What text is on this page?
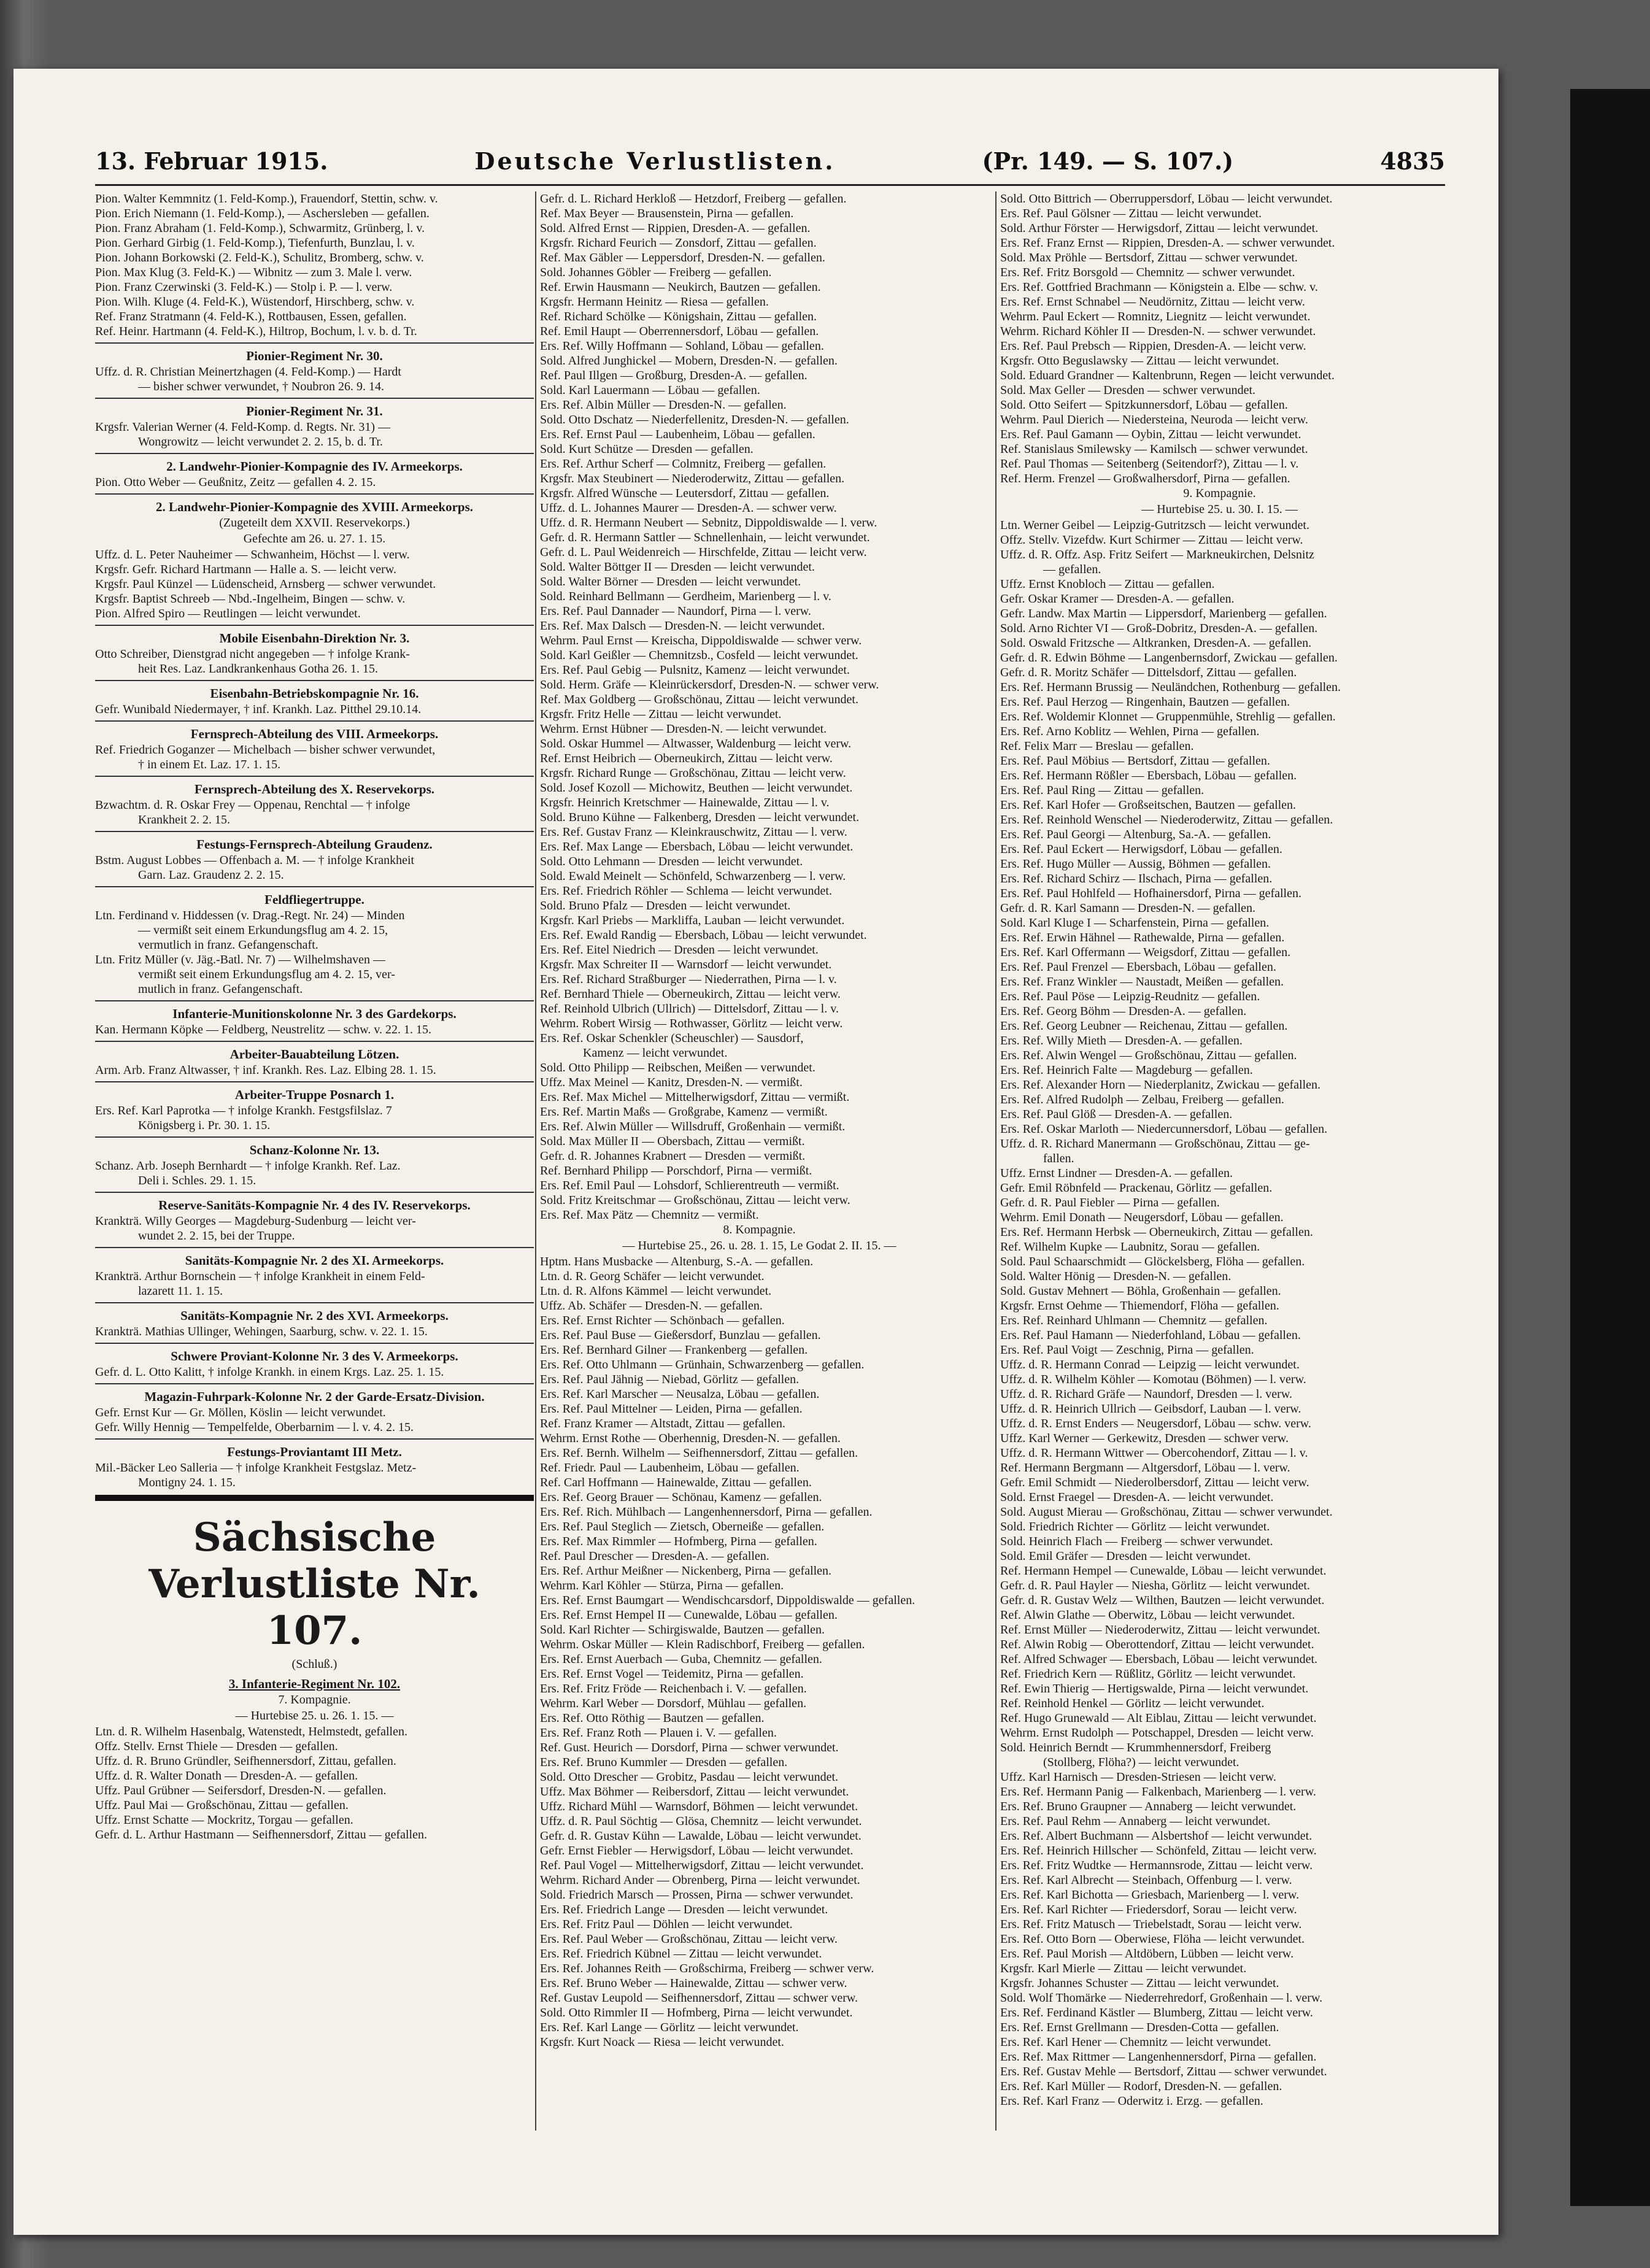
13. Februar 1915.	Deutsche Verlustlisten.	(Pr. 149. — S. 107.)	4835
Pion. Walter Kemmnitz (1. Feld-Komp.), Frauendorf, Stettin, schw. v.
Pion. Erich Niemann (1. Feld-Komp.), — Aschersleben — gefallen.
Pion. Franz Abraham (1. Feld-Komp.), Schwarmitz, Grünberg, l. v.
Pion. Gerhard Girbig (1. Feld-Komp.), Tiefenfurth, Bunzlau, l. v.
Pion. Johann Borkowski (2. Feld-K.), Schulitz, Bromberg, schw. v.
Pion. Max Klug (3. Feld-K.) — Wibnitz — zum 3. Male l. verw.
Pion. Franz Czerwinski (3. Feld-K.) — Stolp i. P. — l. verw.
Pion. Wilh. Kluge (4. Feld-K.), Wüstendorf, Hirschberg, schw. v.
Ref. Franz Stratmann (4. Feld-K.), Rottbausen, Essen, gefallen.
Ref. Heinr. Hartmann (4. Feld-K.), Hiltrop, Bochum, l. v. b. d. Tr.
Pionier-Regiment Nr. 30.
Uffz. d. R. Christian Meinertzhagen (4. Feld-Komp.) — Hardt
— bisher schwer verwundet, † Noubron 26. 9. 14.
Pionier-Regiment Nr. 31.
Krgsfr. Valerian Werner (4. Feld-Komp. d. Regts. Nr. 31) —
Wongrowitz — leicht verwundet 2. 2. 15, b. d. Tr.
2. Landwehr-Pionier-Kompagnie des IV. Armeekorps.
Pion. Otto Weber — Geußnitz, Zeitz — gefallen 4. 2. 15.
2. Landwehr-Pionier-Kompagnie des XVIII. Armeekorps.
(Zugeteilt dem XXVII. Reservekorps.)
Gefechte am 26. u. 27. 1. 15.
Uffz. d. L. Peter Nauheimer — Schwanheim, Höchst — l. verw.
Krgsfr. Gefr. Richard Hartmann — Halle a. S. — leicht verw.
Krgsfr. Paul Künzel — Lüdenscheid, Arnsberg — schwer verwundet.
Krgsfr. Baptist Schreeb — Nbd.-Ingelheim, Bingen — schw. v.
Pion. Alfred Spiro — Reutlingen — leicht verwundet.
Mobile Eisenbahn-Direktion Nr. 3.
Otto Schreiber, Dienstgrad nicht angegeben — † infolge Krank-
heit Res. Laz. Landkrankenhaus Gotha 26. 1. 15.
Eisenbahn-Betriebskompagnie Nr. 16.
Gefr. Wunibald Niedermayer, † inf. Krankh. Laz. Pitthel 29.10.14.
Fernsprech-Abteilung des VIII. Armeekorps.
Ref. Friedrich Goganzer — Michelbach — bisher schwer verwundet,
† in einem Et. Laz. 17. 1. 15.
Fernsprech-Abteilung des X. Reservekorps.
Bzwachtm. d. R. Oskar Frey — Oppenau, Renchtal — † infolge
Krankheit 2. 2. 15.
Festungs-Fernsprech-Abteilung Graudenz.
Bstm. August Lobbes — Offenbach a. M. — † infolge Krankheit
Garn. Laz. Graudenz 2. 2. 15.
Feldfliegertruppe.
Ltn. Ferdinand v. Hiddessen (v. Drag.-Regt. Nr. 24) — Minden
— vermißt seit einem Erkundungsflug am 4. 2. 15,
vermutlich in franz. Gefangenschaft.
Ltn. Fritz Müller (v. Jäg.-Batl. Nr. 7) — Wilhelmshaven —
vermißt seit einem Erkundungsflug am 4. 2. 15, ver-
mutlich in franz. Gefangenschaft.
Infanterie-Munitionskolonne Nr. 3 des Gardekorps.
Kan. Hermann Köpke — Feldberg, Neustrelitz — schw. v. 22. 1. 15.
Arbeiter-Bauabteilung Lötzen.
Arm. Arb. Franz Altwasser, † inf. Krankh. Res. Laz. Elbing 28. 1. 15.
Arbeiter-Truppe Posnarch 1.
Ers. Ref. Karl Paprotka — † infolge Krankh. Festgsfilslaz. 7
Königsberg i. Pr. 30. 1. 15.
Schanz-Kolonne Nr. 13.
Schanz. Arb. Joseph Bernhardt — † infolge Krankh. Ref. Laz.
Deli i. Schles. 29. 1. 15.
Reserve-Sanitäts-Kompagnie Nr. 4 des IV. Reservekorps.
Krankträ. Willy Georges — Magdeburg-Sudenburg — leicht ver-
wundet 2. 2. 15, bei der Truppe.
Sanitäts-Kompagnie Nr. 2 des XI. Armeekorps.
Krankträ. Arthur Bornschein — † infolge Krankheit in einem Feld-
lazarett 11. 1. 15.
Sanitäts-Kompagnie Nr. 2 des XVI. Armeekorps.
Krankträ. Mathias Ullinger, Wehingen, Saarburg, schw. v. 22. 1. 15.
Schwere Proviant-Kolonne Nr. 3 des V. Armeekorps.
Gefr. d. L. Otto Kalitt, † infolge Krankh. in einem Krgs. Laz. 25. 1. 15.
Magazin-Fuhrpark-Kolonne Nr. 2 der Garde-Ersatz-Division.
Gefr. Ernst Kur — Gr. Möllen, Köslin — leicht verwundet.
Gefr. Willy Hennig — Tempelfelde, Oberbarnim — l. v. 4. 2. 15.
Festungs-Proviantamt III Metz.
Mil.-Bäcker Leo Salleria — † infolge Krankheit Festgslaz. Metz-
Montigny 24. 1. 15.
Sächsische Verlustliste Nr. 107.
(Schluß.)
3. Infanterie-Regiment Nr. 102.
7. Kompagnie.
— Hurtebise 25. u. 26. 1. 15. —
Ltn. d. R. Wilhelm Hasenbalg, Watenstedt, Helmstedt, gefallen.
Offz. Stellv. Ernst Thiele — Dresden — gefallen.
Uffz. d. R. Bruno Gründler, Seifhennersdorf, Zittau, gefallen.
Uffz. d. R. Walter Donath — Dresden-A. — gefallen.
Uffz. Paul Grübner — Seifersdorf, Dresden-N. — gefallen.
Uffz. Paul Mai — Großschönau, Zittau — gefallen.
Uffz. Ernst Schatte — Mockritz, Torgau — gefallen.
Gefr. d. L. Arthur Hastmann — Seifhennersdorf, Zittau — gefallen.
Gefr. d. L. Richard Herkloß — Hetzdorf, Freiberg — gefallen.
Ref. Max Beyer — Brausenstein, Pirna — gefallen.
Sold. Alfred Ernst — Rippien, Dresden-A. — gefallen.
Krgsfr. Richard Feurich — Zonsdorf, Zittau — gefallen.
Ref. Max Gäbler — Leppersdorf, Dresden-N. — gefallen.
Sold. Johannes Göbler — Freiberg — gefallen.
Ref. Erwin Hausmann — Neukirch, Bautzen — gefallen.
Krgsfr. Hermann Heinitz — Riesa — gefallen.
Ref. Richard Schölke — Königshain, Zittau — gefallen.
Ref. Emil Haupt — Oberrennersdorf, Löbau — gefallen.
Ers. Ref. Willy Hoffmann — Sohland, Löbau — gefallen.
Sold. Alfred Junghickel — Mobern, Dresden-N. — gefallen.
Ref. Paul Illgen — Großburg, Dresden-A. — gefallen.
Sold. Karl Lauermann — Löbau — gefallen.
Ers. Ref. Albin Müller — Dresden-N. — gefallen.
Sold. Otto Dschatz — Niederfellenitz, Dresden-N. — gefallen.
Ers. Ref. Ernst Paul — Laubenheim, Löbau — gefallen.
Sold. Kurt Schütze — Dresden — gefallen.
Ers. Ref. Arthur Scherf — Colmnitz, Freiberg — gefallen.
Krgsfr. Max Steubinert — Niederoderwitz, Zittau — gefallen.
Krgsfr. Alfred Wünsche — Leutersdorf, Zittau — gefallen.
Uffz. d. L. Johannes Maurer — Dresden-A. — schwer verw.
Uffz. d. R. Hermann Neubert — Sebnitz, Dippoldiswalde — l. verw.
Gefr. d. R. Hermann Sattler — Schnellenhain, — leicht verwundet.
Gefr. d. L. Paul Weidenreich — Hirschfelde, Zittau — leicht verw.
Sold. Walter Böttger II — Dresden — leicht verwundet.
Sold. Walter Börner — Dresden — leicht verwundet.
Sold. Reinhard Bellmann — Gerdheim, Marienberg — l. v.
Ers. Ref. Paul Dannader — Naundorf, Pirna — l. verw.
Ers. Ref. Max Dalsch — Dresden-N. — leicht verwundet.
Wehrm. Paul Ernst — Kreischa, Dippoldiswalde — schwer verw.
Sold. Karl Geißler — Chemnitzsb., Cosfeld — leicht verwundet.
Ers. Ref. Paul Gebig — Pulsnitz, Kamenz — leicht verwundet.
Sold. Herm. Gräfe — Kleinrückersdorf, Dresden-N. — schwer verw.
Ref. Max Goldberg — Großschönau, Zittau — leicht verwundet.
Krgsfr. Fritz Helle — Zittau — leicht verwundet.
Wehrm. Ernst Hübner — Dresden-N. — leicht verwundet.
Sold. Oskar Hummel — Altwasser, Waldenburg — leicht verw.
Ref. Ernst Heibrich — Oberneukirch, Zittau — leicht verw.
Krgsfr. Richard Runge — Großschönau, Zittau — leicht verw.
Sold. Josef Kozoll — Michowitz, Beuthen — leicht verwundet.
Krgsfr. Heinrich Kretschmer — Hainewalde, Zittau — l. v.
Sold. Bruno Kühne — Falkenberg, Dresden — leicht verwundet.
Ers. Ref. Gustav Franz — Kleinkrauschwitz, Zittau — l. verw.
Ers. Ref. Max Lange — Ebersbach, Löbau — leicht verwundet.
Sold. Otto Lehmann — Dresden — leicht verwundet.
Sold. Ewald Meinelt — Schönfeld, Schwarzenberg — l. verw.
Ers. Ref. Friedrich Röhler — Schlema — leicht verwundet.
Sold. Bruno Pfalz — Dresden — leicht verwundet.
Krgsfr. Karl Priebs — Markliffa, Lauban — leicht verwundet.
Ers. Ref. Ewald Randig — Ebersbach, Löbau — leicht verwundet.
Ers. Ref. Eitel Niedrich — Dresden — leicht verwundet.
Krgsfr. Max Schreiter II — Warnsdorf — leicht verwundet.
Ers. Ref. Richard Straßburger — Niederrathen, Pirna — l. v.
Ref. Bernhard Thiele — Oberneukirch, Zittau — leicht verw.
Ref. Reinhold Ulbrich (Ullrich) — Dittelsdorf, Zittau — l. v.
Wehrm. Robert Wirsig — Rothwasser, Görlitz — leicht verw.
Ers. Ref. Oskar Schenkler (Scheuschler) — Sausdorf,
Kamenz — leicht verwundet.
Sold. Otto Philipp — Reibschen, Meißen — verwundet.
Uffz. Max Meinel — Kanitz, Dresden-N. — vermißt.
Ers. Ref. Max Michel — Mittelherwigsdorf, Zittau — vermißt.
Ers. Ref. Martin Maßs — Großgrabe, Kamenz — vermißt.
Ers. Ref. Alwin Müller — Willsdruff, Großenhain — vermißt.
Sold. Max Müller II — Obersbach, Zittau — vermißt.
Gefr. d. R. Johannes Krabnert — Dresden — vermißt.
Ref. Bernhard Philipp — Porschdorf, Pirna — vermißt.
Ers. Ref. Emil Paul — Lohsdorf, Schlierentreuth — vermißt.
Sold. Fritz Kreitschmar — Großschönau, Zittau — leicht verw.
Ers. Ref. Max Pätz — Chemnitz — vermißt.
8. Kompagnie.
— Hurtebise 25., 26. u. 28. 1. 15, Le Godat 2. II. 15. —
Hptm. Hans Musbacke — Altenburg, S.-A. — gefallen.
Ltn. d. R. Georg Schäfer — leicht verwundet.
Ltn. d. R. Alfons Kämmel — leicht verwundet.
Uffz. Ab. Schäfer — Dresden-N. — gefallen.
Ers. Ref. Ernst Richter — Schönbach — gefallen.
Ers. Ref. Paul Buse — Gießersdorf, Bunzlau — gefallen.
Ers. Ref. Bernhard Gilner — Frankenberg — gefallen.
Ers. Ref. Otto Uhlmann — Grünhain, Schwarzenberg — gefallen.
Ers. Ref. Paul Jähnig — Niebad, Görlitz — gefallen.
Ers. Ref. Karl Marscher — Neusalza, Löbau — gefallen.
Ers. Ref. Paul Mittelner — Leiden, Pirna — gefallen.
Ref. Franz Kramer — Altstadt, Zittau — gefallen.
Wehrm. Ernst Rothe — Oberhennig, Dresden-N. — gefallen.
Ers. Ref. Bernh. Wilhelm — Seifhennersdorf, Zittau — gefallen.
Ref. Friedr. Paul — Laubenheim, Löbau — gefallen.
Ref. Carl Hoffmann — Hainewalde, Zittau — gefallen.
Ers. Ref. Georg Brauer — Schönau, Kamenz — gefallen.
Ers. Ref. Rich. Mühlbach — Langenhennersdorf, Pirna — gefallen.
Ers. Ref. Paul Steglich — Zietsch, Oberneiße — gefallen.
Ers. Ref. Max Rimmler — Hofmberg, Pirna — gefallen.
Ref. Paul Drescher — Dresden-A. — gefallen.
Ers. Ref. Arthur Meißner — Nickenberg, Pirna — gefallen.
Wehrm. Karl Köhler — Stürza, Pirna — gefallen.
Ers. Ref. Ernst Baumgart — Wendischcarsdorf, Dippoldiswalde — gefallen.
Ers. Ref. Ernst Hempel II — Cunewalde, Löbau — gefallen.
Sold. Karl Richter — Schirgiswalde, Bautzen — gefallen.
Wehrm. Oskar Müller — Klein Radischborf, Freiberg — gefallen.
Ers. Ref. Ernst Auerbach — Guba, Chemnitz — gefallen.
Ers. Ref. Ernst Vogel — Teidemitz, Pirna — gefallen.
Ers. Ref. Fritz Fröde — Reichenbach i. V. — gefallen.
Wehrm. Karl Weber — Dorsdorf, Mühlau — gefallen.
Ers. Ref. Otto Röthig — Bautzen — gefallen.
Ers. Ref. Franz Roth — Plauen i. V. — gefallen.
Ref. Gust. Heurich — Dorsdorf, Pirna — schwer verwundet.
Ers. Ref. Bruno Kummler — Dresden — gefallen.
Sold. Otto Drescher — Grobitz, Pasdau — leicht verwundet.
Uffz. Max Böhmer — Reibersdorf, Zittau — leicht verwundet.
Uffz. Richard Mühl — Warnsdorf, Böhmen — leicht verwundet.
Uffz. d. R. Paul Söchtig — Glösa, Chemnitz — leicht verwundet.
Gefr. d. R. Gustav Kühn — Lawalde, Löbau — leicht verwundet.
Gefr. Ernst Fiebler — Herwigsdorf, Löbau — leicht verwundet.
Ref. Paul Vogel — Mittelherwigsdorf, Zittau — leicht verwundet.
Wehrm. Richard Ander — Obrenberg, Pirna — leicht verwundet.
Sold. Friedrich Marsch — Prossen, Pirna — schwer verwundet.
Ers. Ref. Friedrich Lange — Dresden — leicht verwundet.
Ers. Ref. Fritz Paul — Döhlen — leicht verwundet.
Ers. Ref. Paul Weber — Großschönau, Zittau — leicht verw.
Ers. Ref. Friedrich Kübnel — Zittau — leicht verwundet.
Ers. Ref. Johannes Reith — Großschirma, Freiberg — schwer verw.
Ers. Ref. Bruno Weber — Hainewalde, Zittau — schwer verw.
Ref. Gustav Leupold — Seifhennersdorf, Zittau — schwer verw.
Sold. Otto Rimmler II — Hofmberg, Pirna — leicht verwundet.
Ers. Ref. Karl Lange — Görlitz — leicht verwundet.
Krgsfr. Kurt Noack — Riesa — leicht verwundet.
Sold. Otto Bittrich — Oberruppersdorf, Löbau — leicht verwundet.
Ers. Ref. Paul Gölsner — Zittau — leicht verwundet.
Sold. Arthur Förster — Herwigsdorf, Zittau — leicht verwundet.
Ers. Ref. Franz Ernst — Rippien, Dresden-A. — schwer verwundet.
Sold. Max Pröhle — Bertsdorf, Zittau — schwer verwundet.
Ers. Ref. Fritz Borsgold — Chemnitz — schwer verwundet.
Ers. Ref. Gottfried Brachmann — Königstein a. Elbe — schw. v.
Ers. Ref. Ernst Schnabel — Neudörnitz, Zittau — leicht verw.
Wehrm. Paul Eckert — Romnitz, Liegnitz — leicht verwundet.
Wehrm. Richard Köhler II — Dresden-N. — schwer verwundet.
Ers. Ref. Paul Prebsch — Rippien, Dresden-A. — leicht verw.
Krgsfr. Otto Beguslawsky — Zittau — leicht verwundet.
Sold. Eduard Grandner — Kaltenbrunn, Regen — leicht verwundet.
Sold. Max Geller — Dresden — schwer verwundet.
Sold. Otto Seifert — Spitzkunnersdorf, Löbau — gefallen.
Wehrm. Paul Dierich — Niedersteina, Neuroda — leicht verw.
Ers. Ref. Paul Gamann — Oybin, Zittau — leicht verwundet.
Ref. Stanislaus Smilewsky — Kamilsch — schwer verwundet.
Ref. Paul Thomas — Seitenberg (Seitendorf?), Zittau — l. v.
Ref. Herm. Frenzel — Großwalhersdorf, Pirna — gefallen.
9. Kompagnie.
— Hurtebise 25. u. 30. I. 15. —
Ltn. Werner Geibel — Leipzig-Gutritzsch — leicht verwundet.
Offz. Stellv. Vizefdw. Kurt Schirmer — Zittau — leicht verw.
Uffz. d. R. Offz. Asp. Fritz Seifert — Markneukirchen, Delsnitz
— gefallen.
Uffz. Ernst Knobloch — Zittau — gefallen.
Gefr. Oskar Kramer — Dresden-A. — gefallen.
Gefr. Landw. Max Martin — Lippersdorf, Marienberg — gefallen.
Sold. Arno Richter VI — Groß-Dobritz, Dresden-A. — gefallen.
Sold. Oswald Fritzsche — Altkranken, Dresden-A. — gefallen.
Gefr. d. R. Edwin Böhme — Langenbernsdorf, Zwickau — gefallen.
Gefr. d. R. Moritz Schäfer — Dittelsdorf, Zittau — gefallen.
Ers. Ref. Hermann Brussig — Neuländchen, Rothenburg — gefallen.
Ers. Ref. Paul Herzog — Ringenhain, Bautzen — gefallen.
Ers. Ref. Woldemir Klonnet — Gruppenmühle, Strehlig — gefallen.
Ers. Ref. Arno Koblitz — Wehlen, Pirna — gefallen.
Ref. Felix Marr — Breslau — gefallen.
Ers. Ref. Paul Möbius — Bertsdorf, Zittau — gefallen.
Ers. Ref. Hermann Rößler — Ebersbach, Löbau — gefallen.
Ers. Ref. Paul Ring — Zittau — gefallen.
Ers. Ref. Karl Hofer — Großseitschen, Bautzen — gefallen.
Ers. Ref. Reinhold Wenschel — Niederoderwitz, Zittau — gefallen.
Ers. Ref. Paul Georgi — Altenburg, Sa.-A. — gefallen.
Ers. Ref. Paul Eckert — Herwigsdorf, Löbau — gefallen.
Ers. Ref. Hugo Müller — Aussig, Böhmen — gefallen.
Ers. Ref. Richard Schirz — Ilschach, Pirna — gefallen.
Ers. Ref. Paul Hohlfeld — Hofhainersdorf, Pirna — gefallen.
Gefr. d. R. Karl Samann — Dresden-N. — gefallen.
Sold. Karl Kluge I — Scharfenstein, Pirna — gefallen.
Ers. Ref. Erwin Hähnel — Rathewalde, Pirna — gefallen.
Ers. Ref. Karl Offermann — Weigsdorf, Zittau — gefallen.
Ers. Ref. Paul Frenzel — Ebersbach, Löbau — gefallen.
Ers. Ref. Franz Winkler — Naustadt, Meißen — gefallen.
Ers. Ref. Paul Pöse — Leipzig-Reudnitz — gefallen.
Ers. Ref. Georg Böhm — Dresden-A. — gefallen.
Ers. Ref. Georg Leubner — Reichenau, Zittau — gefallen.
Ers. Ref. Willy Mieth — Dresden-A. — gefallen.
Ers. Ref. Alwin Wengel — Großschönau, Zittau — gefallen.
Ers. Ref. Heinrich Falte — Magdeburg — gefallen.
Ers. Ref. Alexander Horn — Niederplanitz, Zwickau — gefallen.
Ers. Ref. Alfred Rudolph — Zelbau, Freiberg — gefallen.
Ers. Ref. Paul Glöß — Dresden-A. — gefallen.
Ers. Ref. Oskar Marloth — Niedercunnersdorf, Löbau — gefallen.
Uffz. d. R. Richard Manermann — Großschönau, Zittau — ge-
fallen.
Uffz. Ernst Lindner — Dresden-A. — gefallen.
Gefr. Emil Röbnfeld — Prackenau, Görlitz — gefallen.
Gefr. d. R. Paul Fiebler — Pirna — gefallen.
Wehrm. Emil Donath — Neugersdorf, Löbau — gefallen.
Ers. Ref. Hermann Herbsk — Oberneukirch, Zittau — gefallen.
Ref. Wilhelm Kupke — Laubnitz, Sorau — gefallen.
Sold. Paul Schaarschmidt — Glöckelsberg, Flöha — gefallen.
Sold. Walter Hönig — Dresden-N. — gefallen.
Sold. Gustav Mehnert — Böhla, Großenhain — gefallen.
Krgsfr. Ernst Oehme — Thiemendorf, Flöha — gefallen.
Ers. Ref. Reinhard Uhlmann — Chemnitz — gefallen.
Ers. Ref. Paul Hamann — Niederfohland, Löbau — gefallen.
Ers. Ref. Paul Voigt — Zeschnig, Pirna — gefallen.
Uffz. d. R. Hermann Conrad — Leipzig — leicht verwundet.
Uffz. d. R. Wilhelm Köhler — Komotau (Böhmen) — l. verw.
Uffz. d. R. Richard Gräfe — Naundorf, Dresden — l. verw.
Uffz. d. R. Heinrich Ullrich — Geibsdorf, Lauban — l. verw.
Uffz. d. R. Ernst Enders — Neugersdorf, Löbau — schw. verw.
Uffz. Karl Werner — Gerkewitz, Dresden — schwer verw.
Uffz. d. R. Hermann Wittwer — Obercohendorf, Zittau — l. v.
Ref. Hermann Bergmann — Altgersdorf, Löbau — l. verw.
Gefr. Emil Schmidt — Niederolbersdorf, Zittau — leicht verw.
Sold. Ernst Fraegel — Dresden-A. — leicht verwundet.
Sold. August Mierau — Großschönau, Zittau — schwer verwundet.
Sold. Friedrich Richter — Görlitz — leicht verwundet.
Sold. Heinrich Flach — Freiberg — schwer verwundet.
Sold. Emil Gräfer — Dresden — leicht verwundet.
Ref. Hermann Hempel — Cunewalde, Löbau — leicht verwundet.
Gefr. d. R. Paul Hayler — Niesha, Görlitz — leicht verwundet.
Gefr. d. R. Gustav Welz — Wilthen, Bautzen — leicht verwundet.
Ref. Alwin Glathe — Oberwitz, Löbau — leicht verwundet.
Ref. Ernst Müller — Niederoderwitz, Zittau — leicht verwundet.
Ref. Alwin Robig — Oberottendorf, Zittau — leicht verwundet.
Ref. Alfred Schwager — Ebersbach, Löbau — leicht verwundet.
Ref. Friedrich Kern — Rüßlitz, Görlitz — leicht verwundet.
Ref. Ewin Thierig — Hertigswalde, Pirna — leicht verwundet.
Ref. Reinhold Henkel — Görlitz — leicht verwundet.
Ref. Hugo Grunewald — Alt Eiblau, Zittau — leicht verwundet.
Wehrm. Ernst Rudolph — Potschappel, Dresden — leicht verw.
Sold. Heinrich Berndt — Krummhennersdorf, Freiberg
(Stollberg, Flöha?) — leicht verwundet.
Uffz. Karl Harnisch — Dresden-Striesen — leicht verw.
Ers. Ref. Hermann Panig — Falkenbach, Marienberg — l. verw.
Ers. Ref. Bruno Graupner — Annaberg — leicht verwundet.
Ers. Ref. Paul Rehm — Annaberg — leicht verwundet.
Ers. Ref. Albert Buchmann — Alsbertshof — leicht verwundet.
Ers. Ref. Heinrich Hillscher — Schönfeld, Zittau — leicht verw.
Ers. Ref. Fritz Wudtke — Hermannsrode, Zittau — leicht verw.
Ers. Ref. Karl Albrecht — Steinbach, Offenburg — l. verw.
Ers. Ref. Karl Bichotta — Griesbach, Marienberg — l. verw.
Ers. Ref. Karl Richter — Friedersdorf, Sorau — leicht verw.
Ers. Ref. Fritz Matusch — Triebelstadt, Sorau — leicht verw.
Ers. Ref. Otto Born — Oberwiese, Flöha — leicht verwundet.
Ers. Ref. Paul Morish — Altdöbern, Lübben — leicht verw.
Krgsfr. Karl Mierle — Zittau — leicht verwundet.
Krgsfr. Johannes Schuster — Zittau — leicht verwundet.
Sold. Wolf Thomärke — Niederrehredorf, Großenhain — l. verw.
Ers. Ref. Ferdinand Kästler — Blumberg, Zittau — leicht verw.
Ers. Ref. Ernst Grellmann — Dresden-Cotta — gefallen.
Ers. Ref. Karl Hener — Chemnitz — leicht verwundet.
Ers. Ref. Max Rittmer — Langenhennersdorf, Pirna — gefallen.
Ers. Ref. Gustav Mehle — Bertsdorf, Zittau — schwer verwundet.
Ers. Ref. Karl Müller — Rodorf, Dresden-N. — gefallen.
Ers. Ref. Karl Franz — Oderwitz i. Erzg. — gefallen.
